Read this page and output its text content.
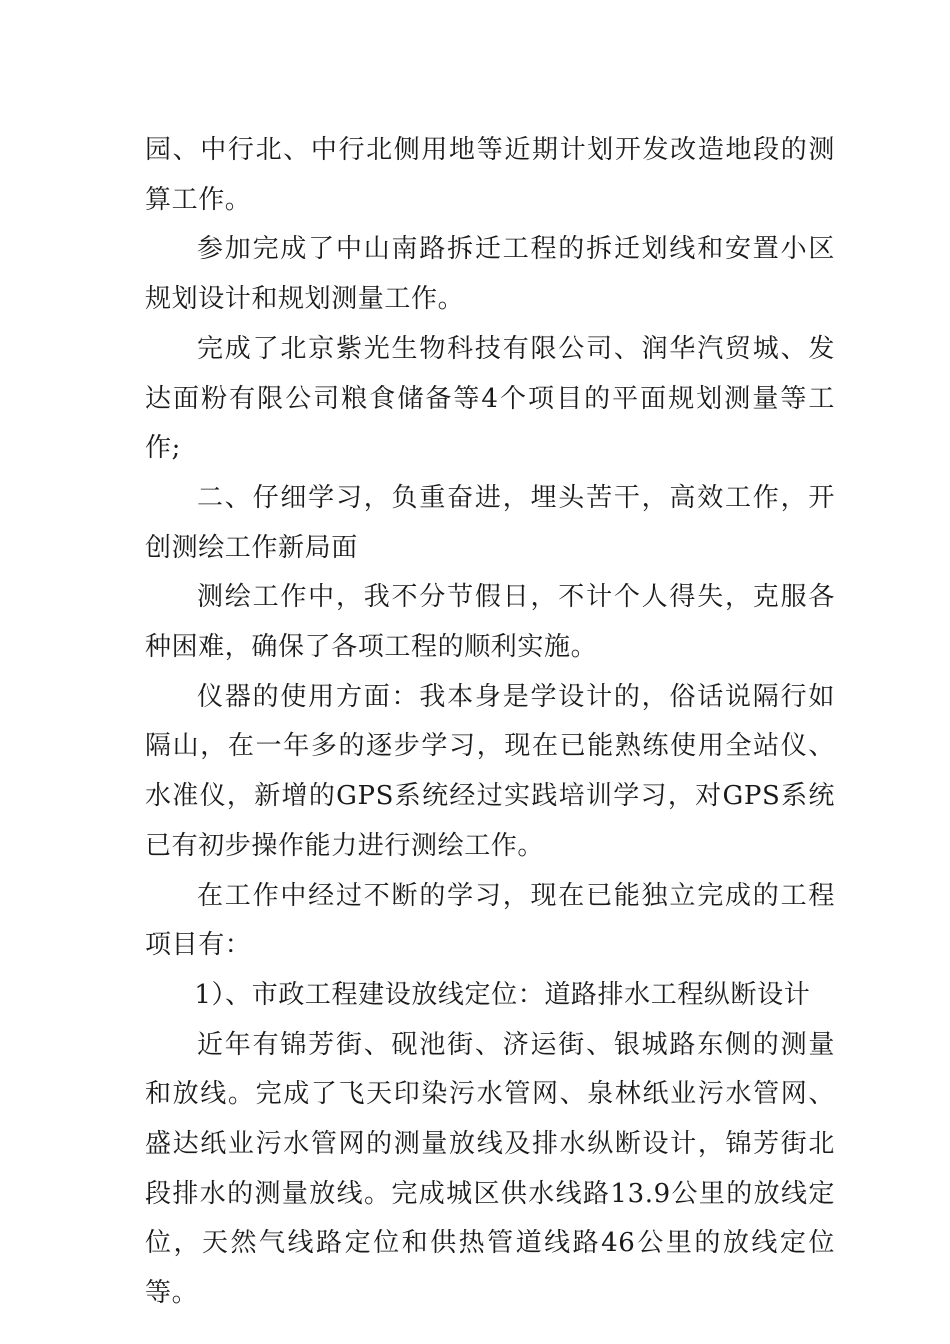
园、中行北、中行北侧用地等近期计划开发改造地段的测算工作。

参加完成了中山南路拆迁工程的拆迁划线和安置小区规划设计和规划测量工作。

完成了北京紫光生物科技有限公司、润华汽贸城、发达面粉有限公司粮食储备等4个项目的平面规划测量等工作;

二、仔细学习，负重奋进，埋头苦干，高效工作，开创测绘工作新局面

测绘工作中，我不分节假日，不计个人得失，克服各种困难，确保了各项工程的顺利实施。

仪器的使用方面：我本身是学设计的，俗话说隔行如隔山，在一年多的逐步学习，现在已能熟练使用全站仪、水准仪，新增的GPS系统经过实践培训学习，对GPS系统已有初步操作能力进行测绘工作。

在工作中经过不断的学习，现在已能独立完成的工程项目有：

1）、市政工程建设放线定位：道路排水工程纵断设计

近年有锦芳街、砚池街、济运街、银城路东侧的测量和放线。完成了飞天印染污水管网、泉林纸业污水管网、盛达纸业污水管网的测量放线及排水纵断设计，锦芳街北段排水的测量放线。完成城区供水线路13.9公里的放线定位，天然气线路定位和供热管道线路46公里的放线定位等。
